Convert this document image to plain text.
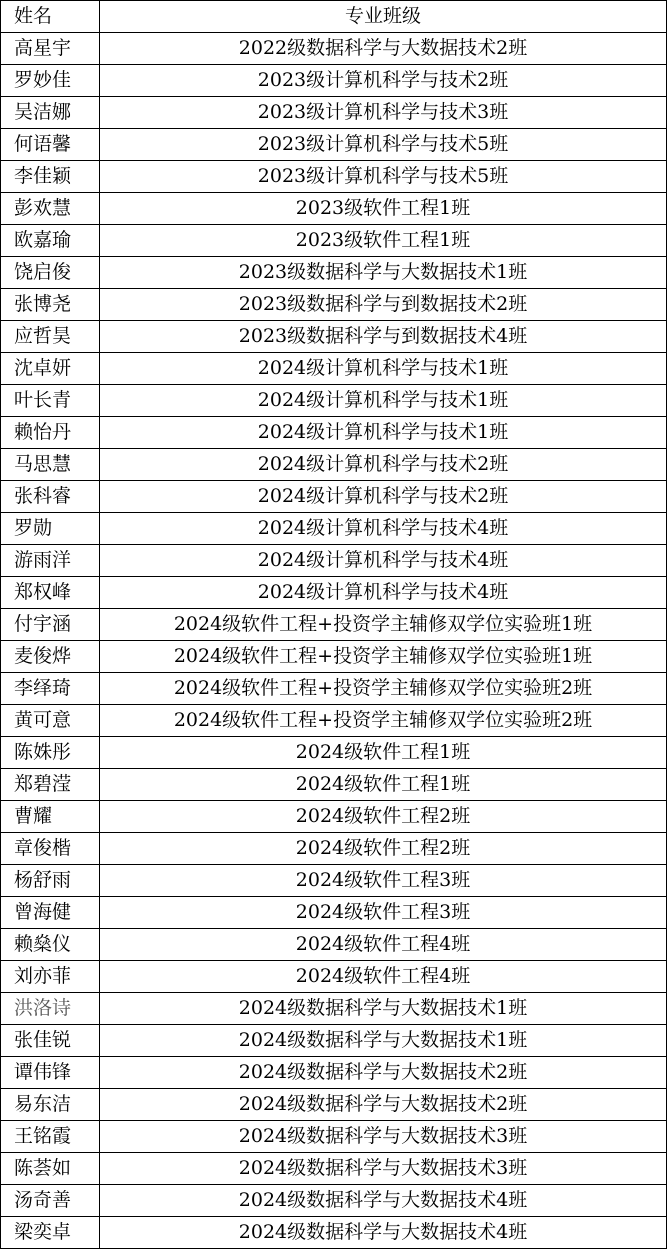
姓名	专业班级
高星宇	2022级数据科学与大数据技术2班
罗妙佳	2023级计算机科学与技术2班
吴洁娜	2023级计算机科学与技术3班
何语馨	2023级计算机科学与技术5班
李佳颖	2023级计算机科学与技术5班
彭欢慧	2023级软件工程1班
欧嘉瑜	2023级软件工程1班
饶启俊	2023级数据科学与大数据技术1班
张博尧	2023级数据科学与到数据技术2班
应哲昊	2023级数据科学与到数据技术4班
沈卓妍	2024级计算机科学与技术1班
叶长青	2024级计算机科学与技术1班
赖怡丹	2024级计算机科学与技术1班
马思慧	2024级计算机科学与技术2班
张科睿	2024级计算机科学与技术2班
罗勋	2024级计算机科学与技术4班
游雨洋	2024级计算机科学与技术4班
郑权峰	2024级计算机科学与技术4班
付宇涵	2024级软件工程+投资学主辅修双学位实验班1班
麦俊烨	2024级软件工程+投资学主辅修双学位实验班1班
李绎琦	2024级软件工程+投资学主辅修双学位实验班2班
黄可意	2024级软件工程+投资学主辅修双学位实验班2班
陈姝彤	2024级软件工程1班
郑碧滢	2024级软件工程1班
曹耀	2024级软件工程2班
章俊楷	2024级软件工程2班
杨舒雨	2024级软件工程3班
曾海健	2024级软件工程3班
赖燊仪	2024级软件工程4班
刘亦菲	2024级软件工程4班
洪洛诗	2024级数据科学与大数据技术1班
张佳锐	2024级数据科学与大数据技术1班
谭伟锋	2024级数据科学与大数据技术2班
易东洁	2024级数据科学与大数据技术2班
王铭霞	2024级数据科学与大数据技术3班
陈荟如	2024级数据科学与大数据技术3班
汤奇善	2024级数据科学与大数据技术4班
梁奕卓	2024级数据科学与大数据技术4班
